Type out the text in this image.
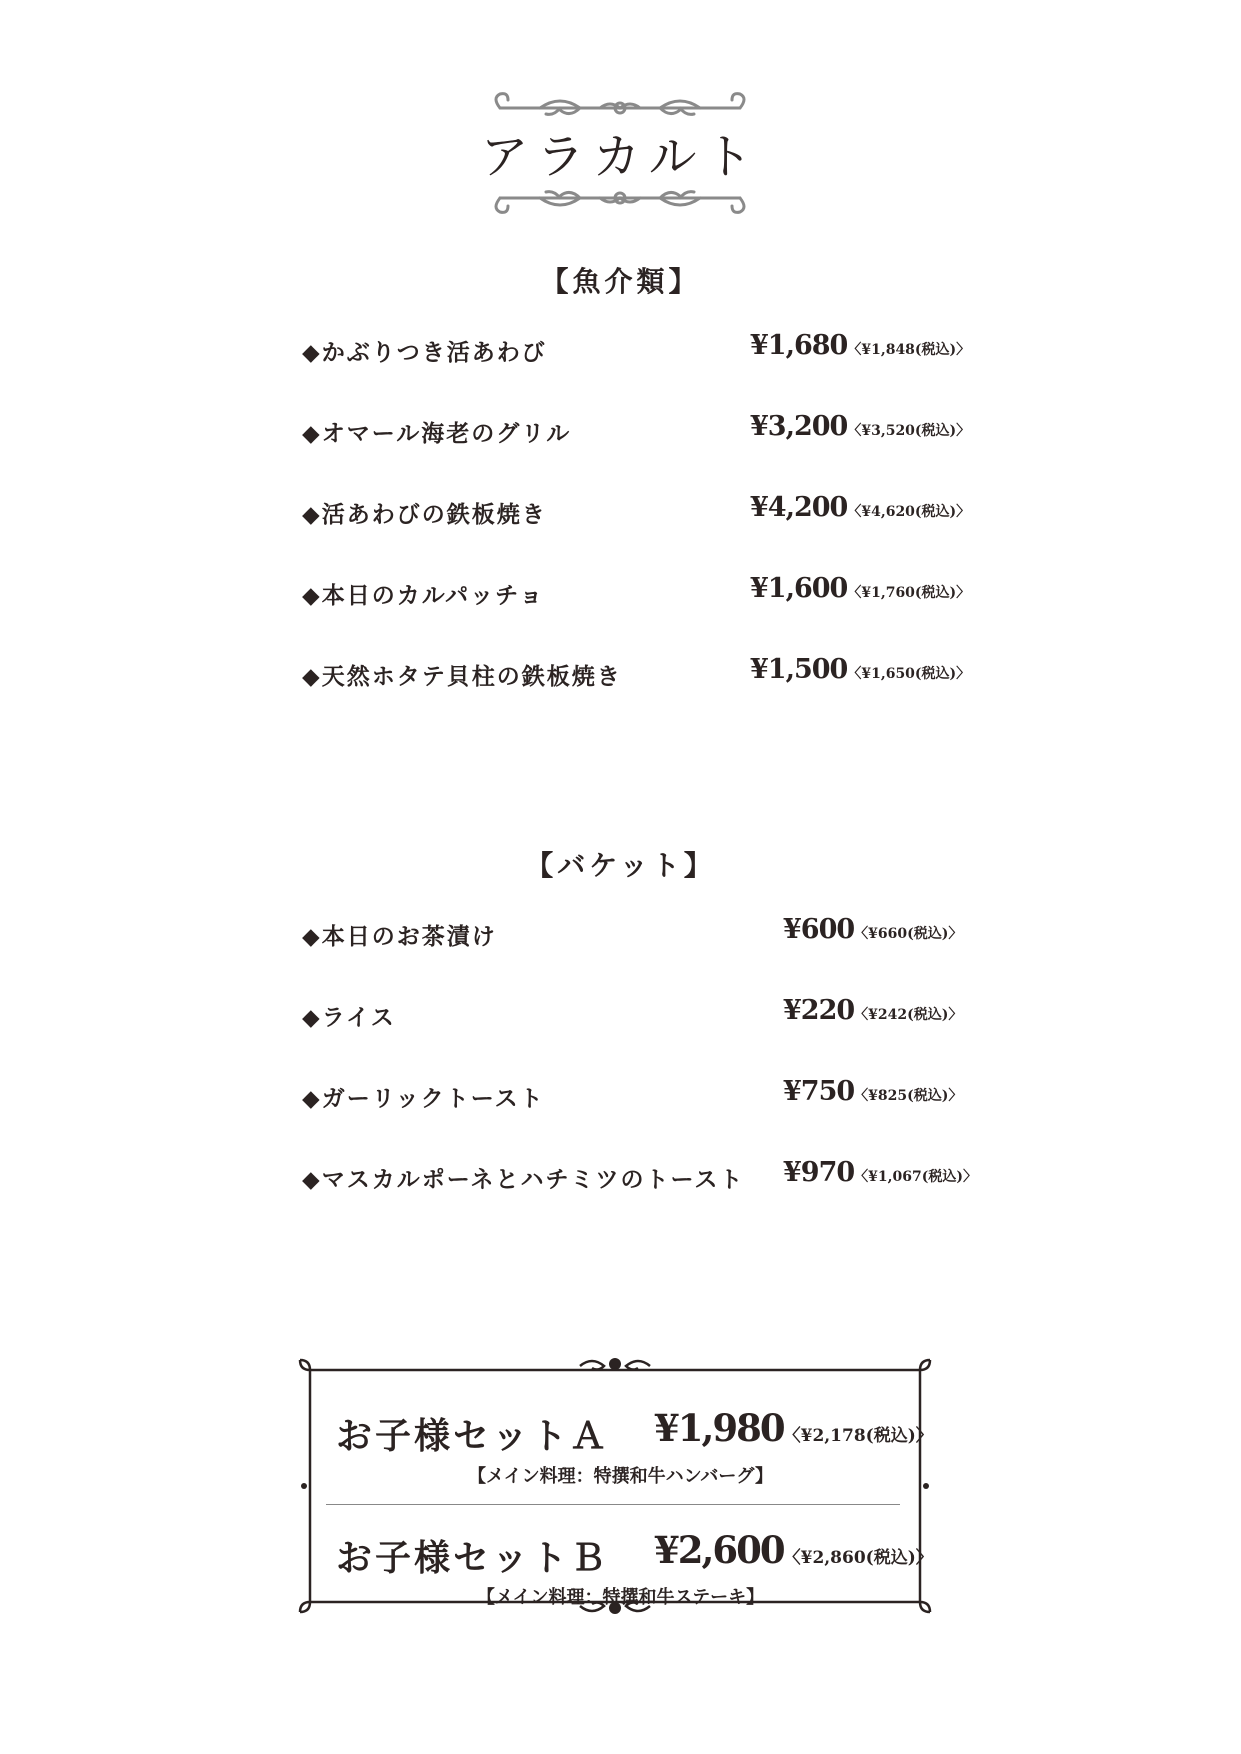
アラカルト
【魚介類】
◆かぶりつき活あわび	¥1,680〈¥1,848(税込)〉
◆オマール海老のグリル	¥3,200〈¥3,520(税込)〉
◆活あわびの鉄板焼き	¥4,200〈¥4,620(税込)〉
◆本日のカルパッチョ	¥1,600〈¥1,760(税込)〉
◆天然ホタテ貝柱の鉄板焼き	¥1,500〈¥1,650(税込)〉
【バケット】
◆本日のお茶漬け	¥600〈¥660(税込)〉
◆ライス	¥220〈¥242(税込)〉
◆ガーリックトースト	¥750〈¥825(税込)〉
◆マスカルポーネとハチミツのトースト ¥970〈¥1,067(税込)〉
お子様セットＡ ¥1,980〈¥2,178(税込)〉
【メイン料理：特撰和牛ハンバーグ】
お子様セットＢ ¥2,600〈¥2,860(税込)〉
【メイン料理：特撰和牛ステーキ】
